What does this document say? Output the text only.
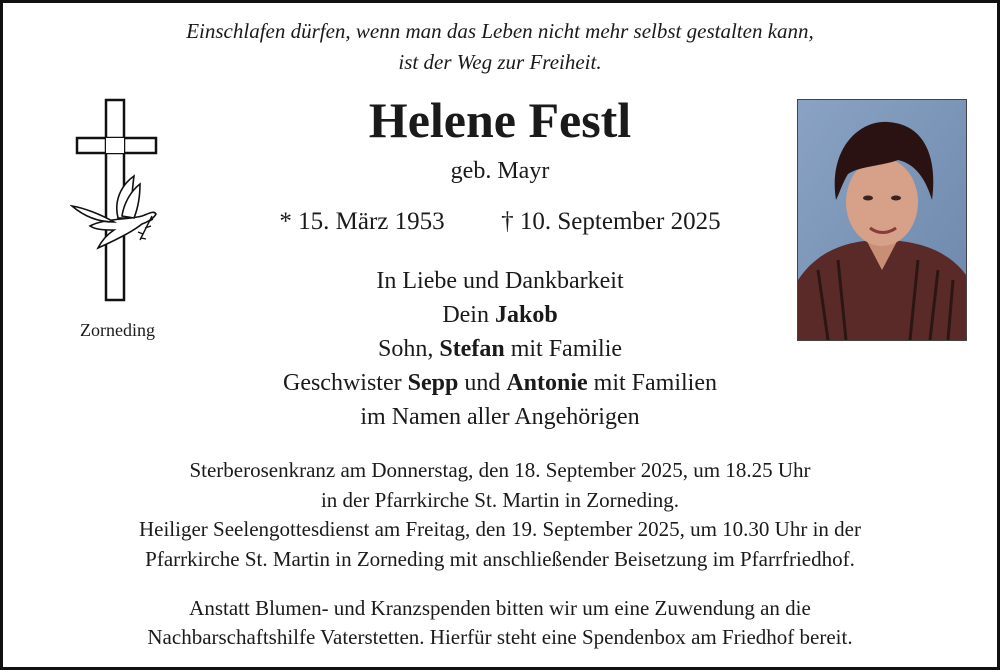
Einschlafen dürfen, wenn man das Leben nicht mehr selbst gestalten kann,
ist der Weg zur Freiheit.
Zorneding
Helene Festl
geb. Mayr
* 15. März 1953 † 10. September 2025
In Liebe und Dankbarkeit
Dein Jakob
Sohn, Stefan mit Familie
Geschwister Sepp und Antonie mit Familien
im Namen aller Angehörigen
Sterberosenkranz am Donnerstag, den 18. September 2025, um 18.25 Uhr
in der Pfarrkirche St. Martin in Zorneding.
Heiliger Seelengottesdienst am Freitag, den 19. September 2025, um 10.30 Uhr in der
Pfarrkirche St. Martin in Zorneding mit anschließender Beisetzung im Pfarrfriedhof.
Anstatt Blumen- und Kranzspenden bitten wir um eine Zuwendung an die
Nachbarschaftshilfe Vaterstetten. Hierfür steht eine Spendenbox am Friedhof bereit.
